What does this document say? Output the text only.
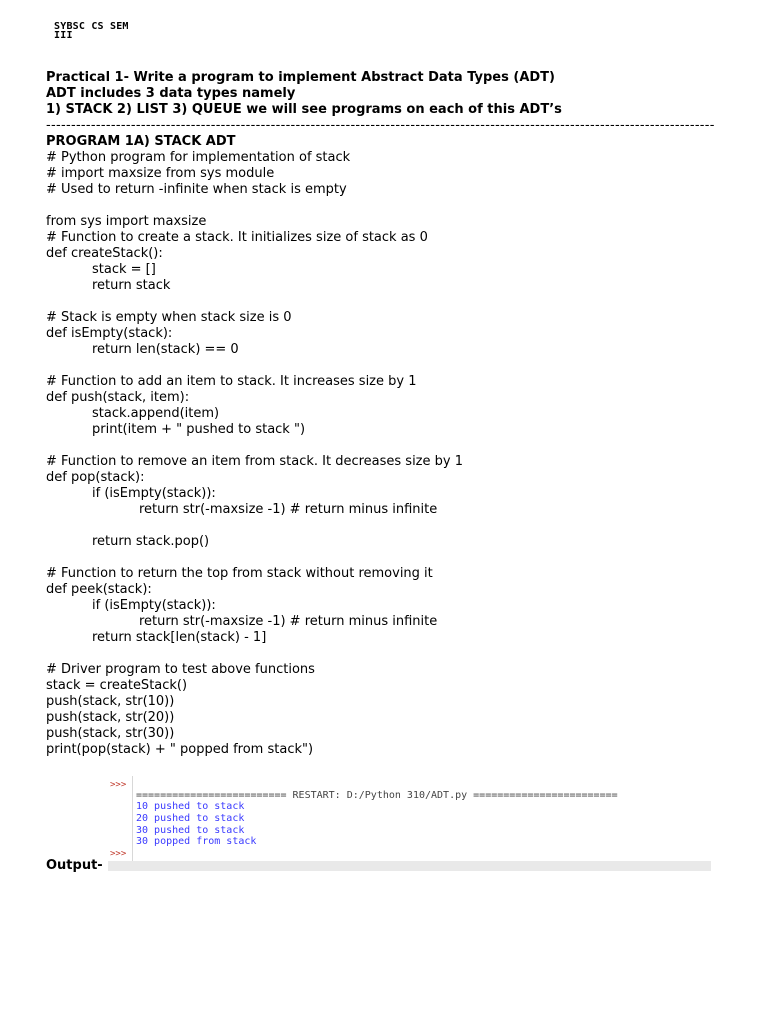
SYBSC CS SEM
III
Practical 1- Write a program to implement Abstract Data Types (ADT)
ADT includes 3 data types namely
1) STACK 2) LIST 3) QUEUE we will see programs on each of this ADT’s
--------------------------------------------------------------------------------------------------------------------------------------
PROGRAM 1A) STACK ADT
# Python program for implementation of stack
# import maxsize from sys module
# Used to return -infinite when stack is empty
from sys import maxsize
# Function to create a stack. It initializes size of stack as 0
def createStack():
stack = []
return stack
# Stack is empty when stack size is 0
def isEmpty(stack):
return len(stack) == 0
# Function to add an item to stack. It increases size by 1
def push(stack, item):
stack.append(item)
print(item + " pushed to stack ")
# Function to remove an item from stack. It decreases size by 1
def pop(stack):
if (isEmpty(stack)):
return str(-maxsize -1) # return minus infinite
return stack.pop()
# Function to return the top from stack without removing it
def peek(stack):
if (isEmpty(stack)):
return str(-maxsize -1) # return minus infinite
return stack[len(stack) - 1]
# Driver program to test above functions
stack = createStack()
push(stack, str(10))
push(stack, str(20))
push(stack, str(30))
print(pop(stack) + " popped from stack")
>>>
>>>
========================= RESTART: D:/Python 310/ADT.py ========================
10 pushed to stack
20 pushed to stack
30 pushed to stack
30 popped from stack
Output-
